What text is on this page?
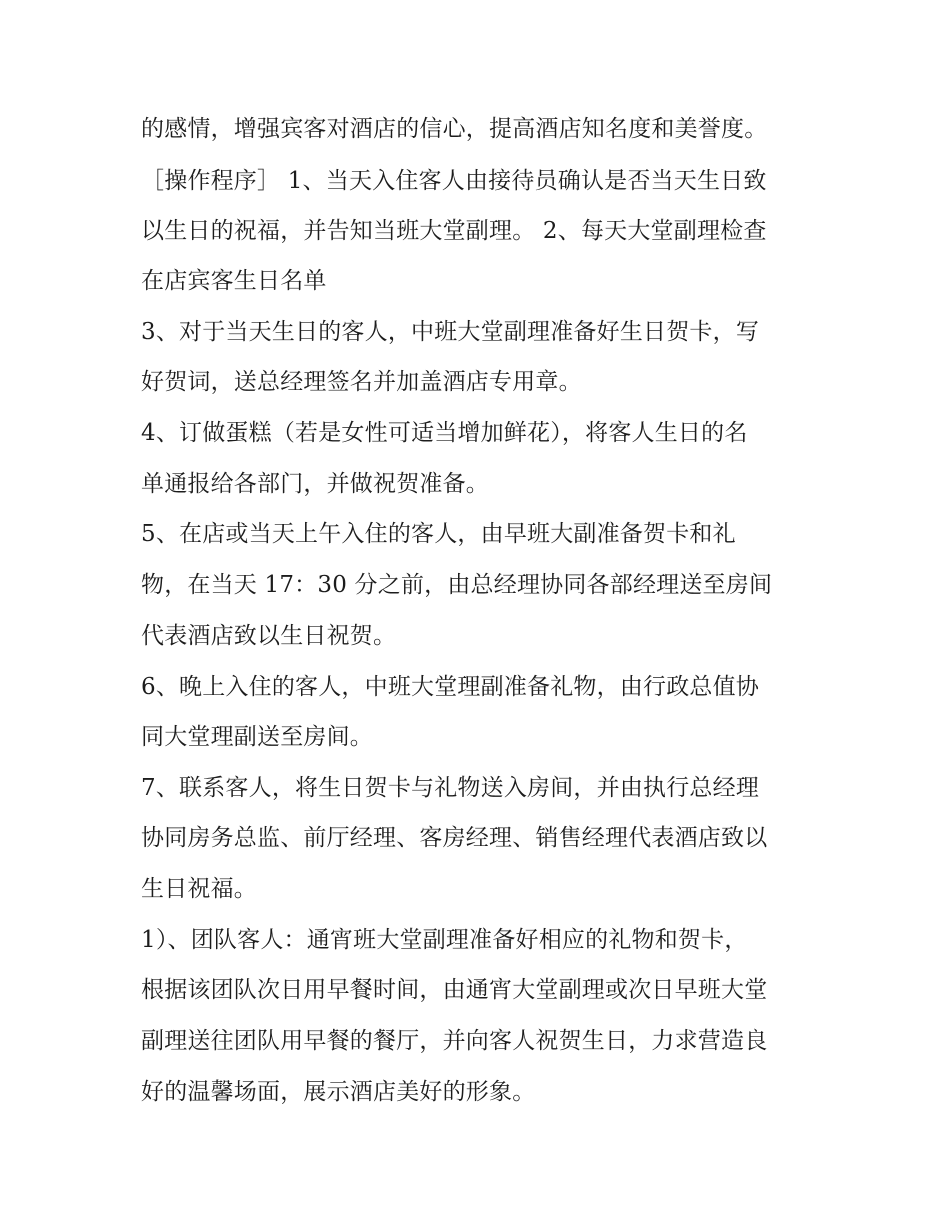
的感情，增强宾客对酒店的信心，提高酒店知名度和美誉度。

［操作程序］ 1、当天入住客人由接待员确认是否当天生日致

以生日的祝福，并告知当班大堂副理。 2、每天大堂副理检查

在店宾客生日名单

3、对于当天生日的客人，中班大堂副理准备好生日贺卡，写

好贺词，送总经理签名并加盖酒店专用章。

4、订做蛋糕（若是女性可适当增加鲜花），将客人生日的名

单通报给各部门，并做祝贺准备。

5、在店或当天上午入住的客人，由早班大副准备贺卡和礼

物，在当天 17：30 分之前，由总经理协同各部经理送至房间

代表酒店致以生日祝贺。

6、晚上入住的客人，中班大堂理副准备礼物，由行政总值协

同大堂理副送至房间。

7、联系客人，将生日贺卡与礼物送入房间，并由执行总经理

协同房务总监、前厅经理、客房经理、销售经理代表酒店致以

生日祝福。

1）、团队客人：通宵班大堂副理准备好相应的礼物和贺卡，

根据该团队次日用早餐时间，由通宵大堂副理或次日早班大堂

副理送往团队用早餐的餐厅，并向客人祝贺生日，力求营造良

好的温馨场面，展示酒店美好的形象。
